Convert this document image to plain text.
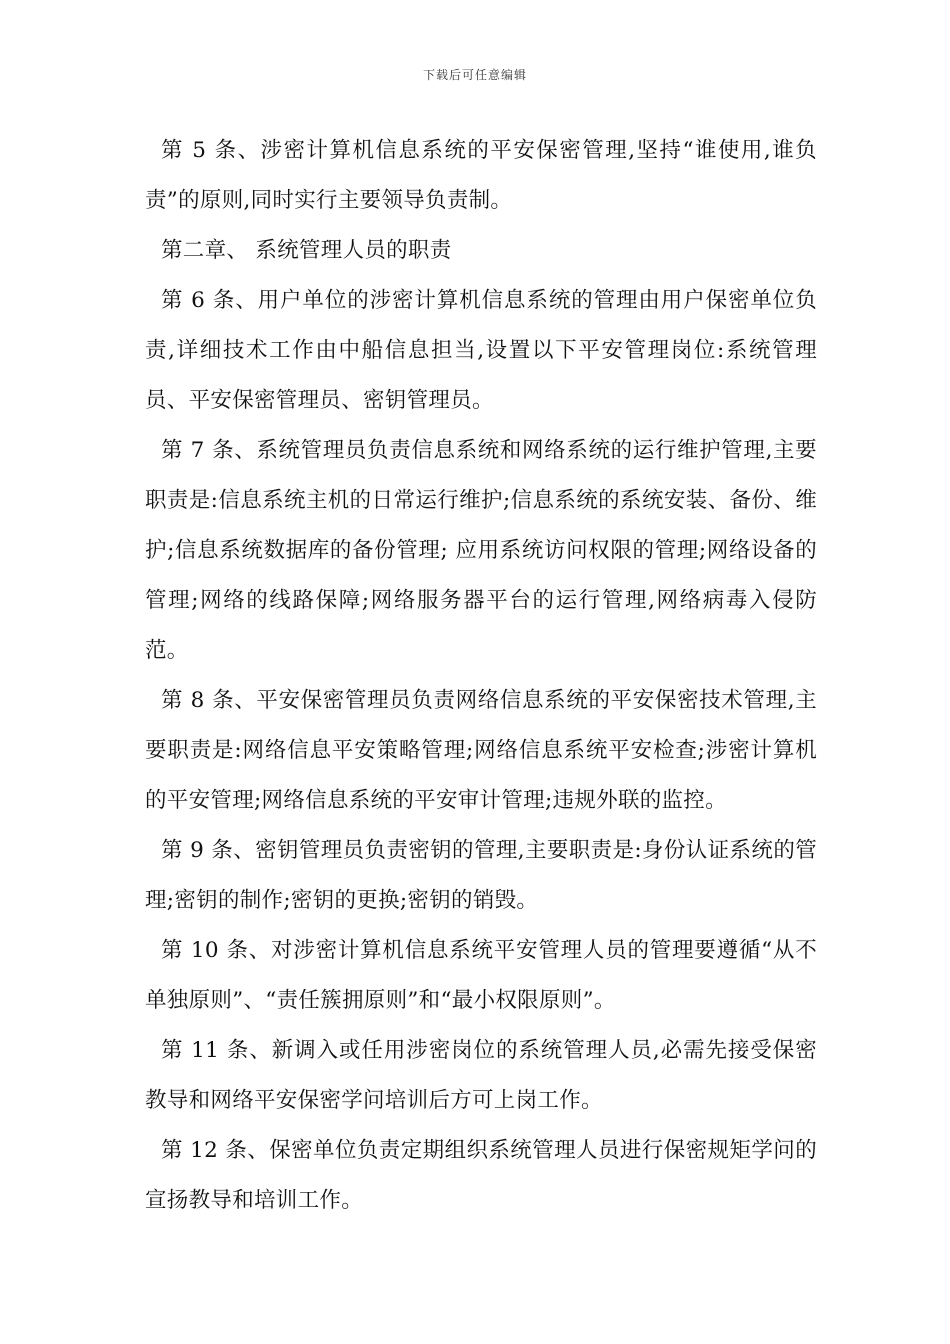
下载后可任意编辑

第 5 条、涉密计算机信息系统的平安保密管理,坚持“谁使用,谁负责”的原则,同时实行主要领导负责制。

第二章、 系统管理人员的职责

第 6 条、用户单位的涉密计算机信息系统的管理由用户保密单位负责,详细技术工作由中船信息担当,设置以下平安管理岗位:系统管理员、平安保密管理员、密钥管理员。

第 7 条、系统管理员负责信息系统和网络系统的运行维护管理,主要职责是:信息系统主机的日常运行维护;信息系统的系统安装、备份、维护;信息系统数据库的备份管理; 应用系统访问权限的管理;网络设备的管理;网络的线路保障;网络服务器平台的运行管理,网络病毒入侵防范。

第 8 条、平安保密管理员负责网络信息系统的平安保密技术管理,主要职责是:网络信息平安策略管理;网络信息系统平安检查;涉密计算机的平安管理;网络信息系统的平安审计管理;违规外联的监控。

第 9 条、密钥管理员负责密钥的管理,主要职责是:身份认证系统的管理;密钥的制作;密钥的更换;密钥的销毁。

第 10 条、对涉密计算机信息系统平安管理人员的管理要遵循“从不单独原则”、“责任簇拥原则”和“最小权限原则”。

第 11 条、新调入或任用涉密岗位的系统管理人员,必需先接受保密教导和网络平安保密学问培训后方可上岗工作。

第 12 条、保密单位负责定期组织系统管理人员进行保密规矩学问的宣扬教导和培训工作。
